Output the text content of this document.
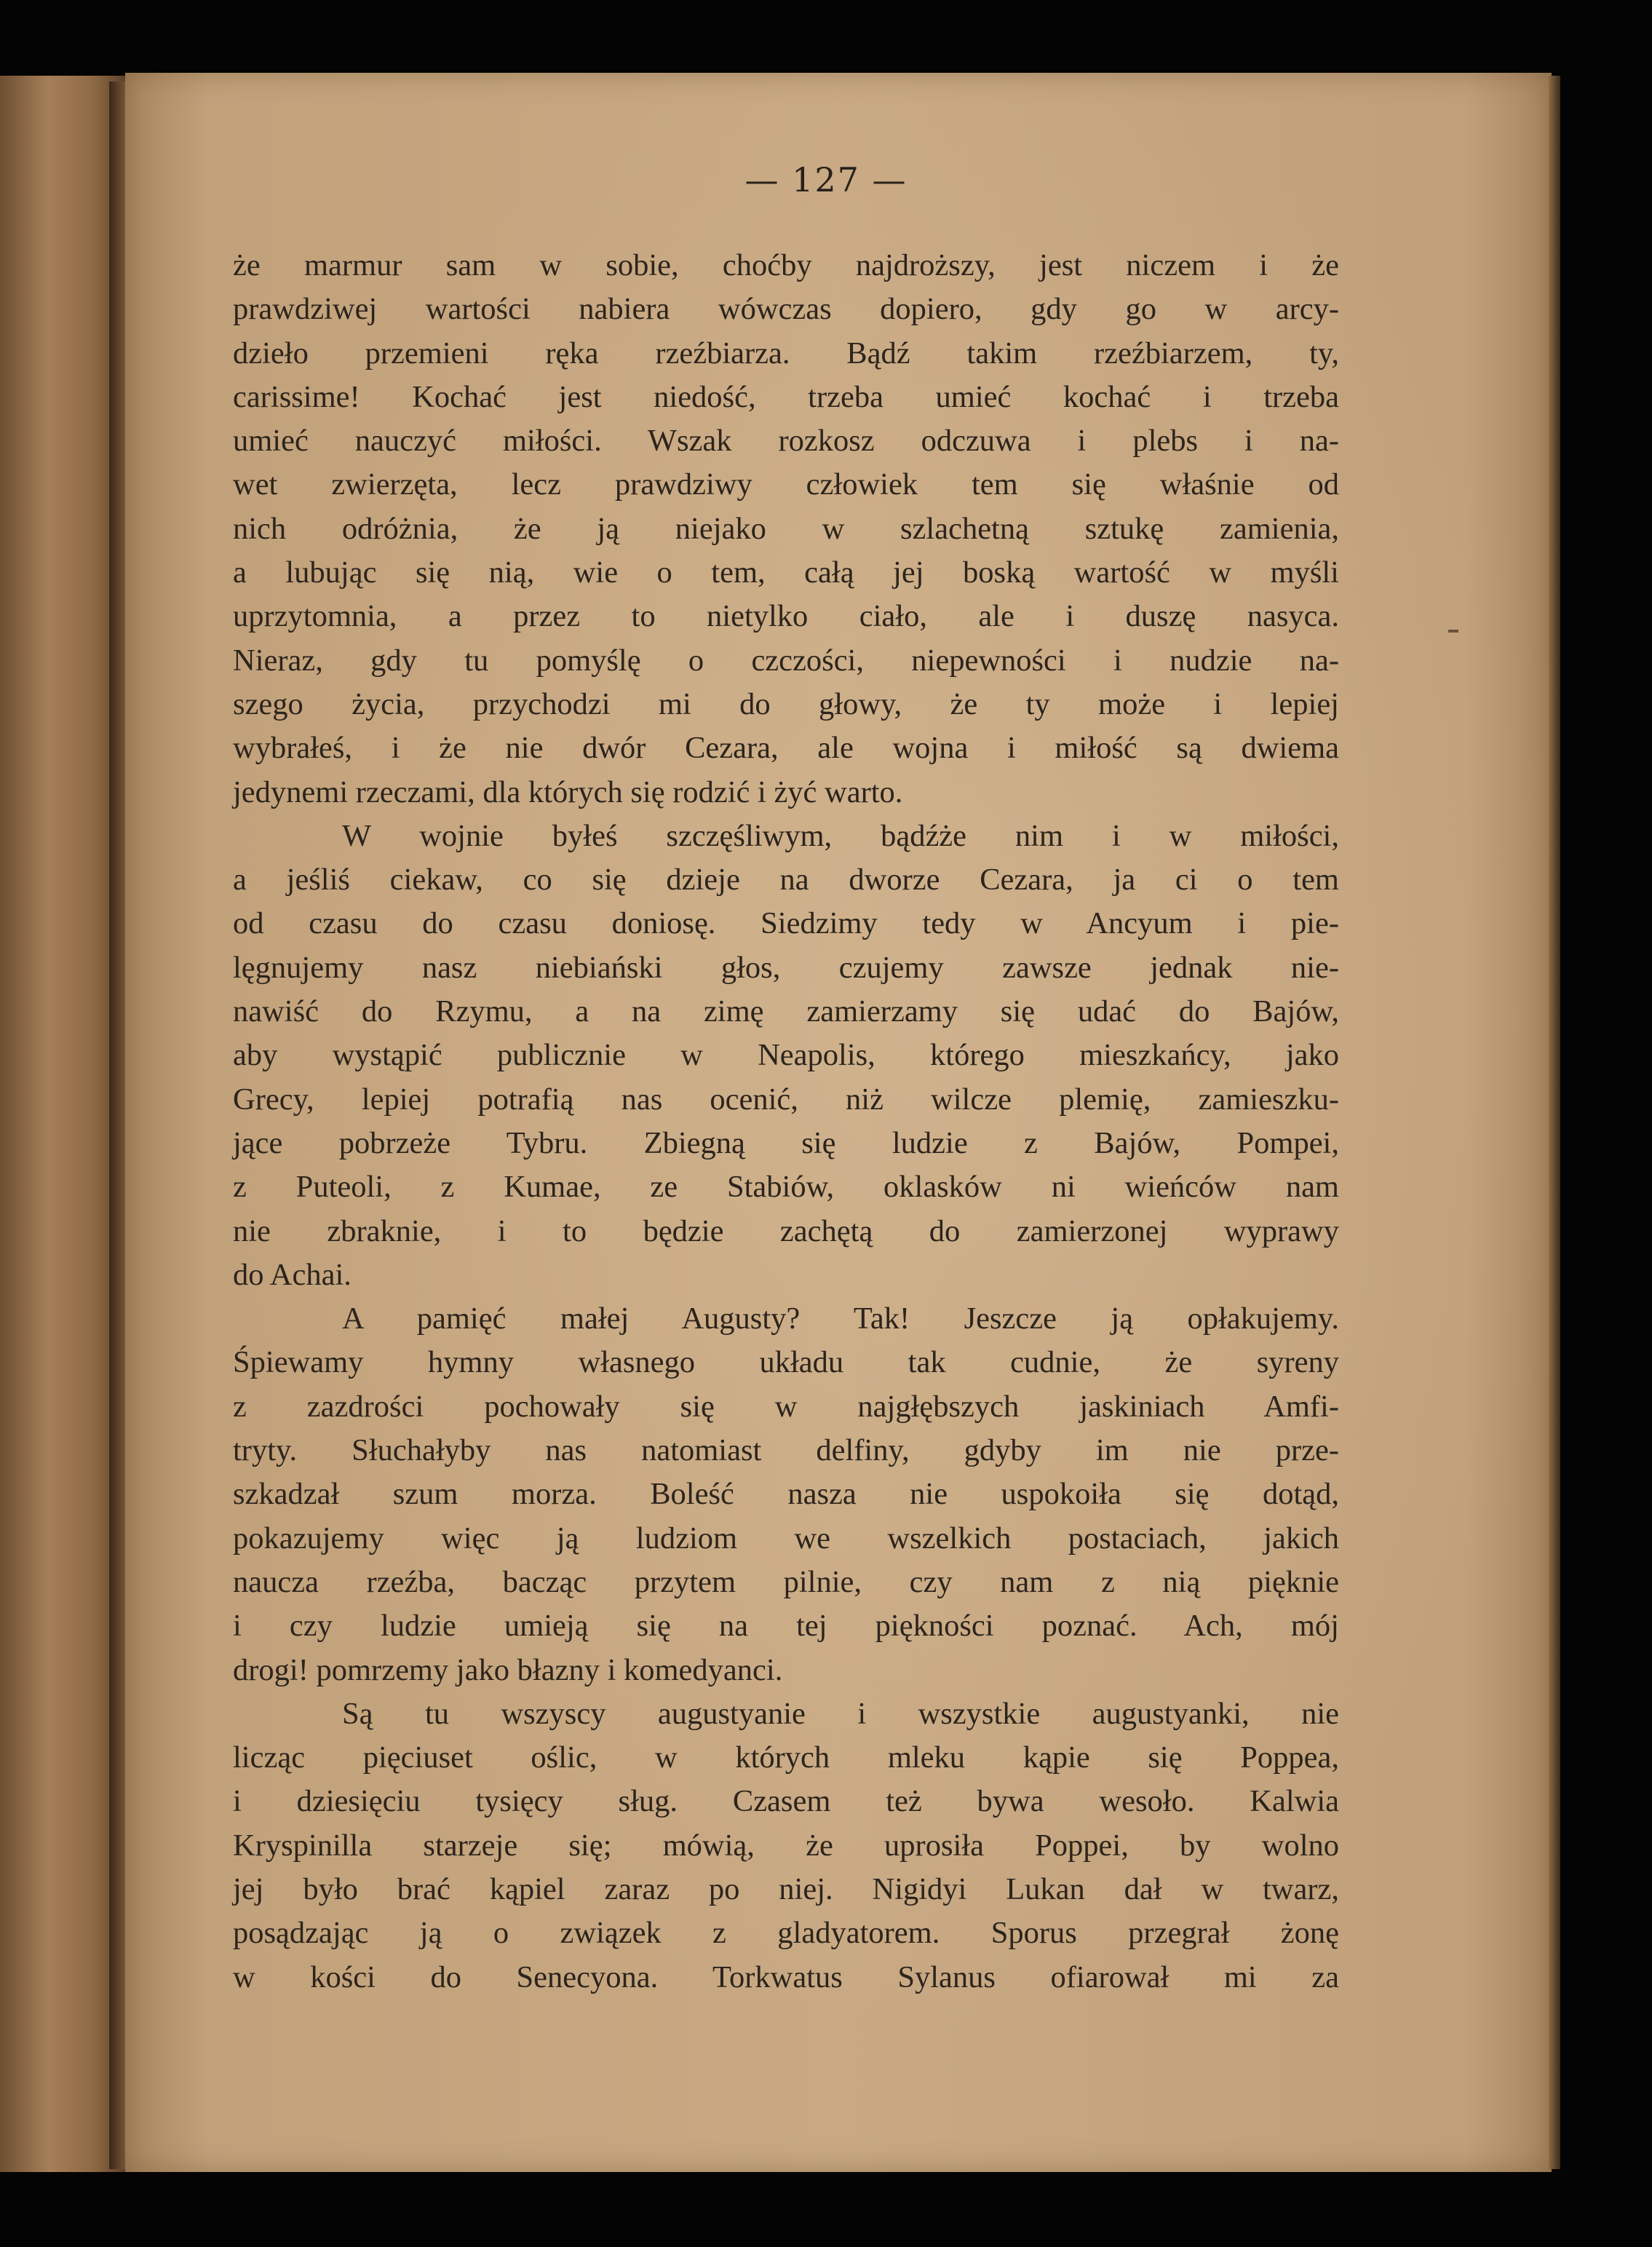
— 127 —
że marmur sam w sobie, choćby najdroższy, jest niczem i że
prawdziwej wartości nabiera wówczas dopiero, gdy go w arcy-
dzieło przemieni ręka rzeźbiarza. Bądź takim rzeźbiarzem, ty,
carissime! Kochać jest niedość, trzeba umieć kochać i trzeba
umieć nauczyć miłości. Wszak rozkosz odczuwa i plebs i na-
wet zwierzęta, lecz prawdziwy człowiek tem się właśnie od
nich odróżnia, że ją niejako w szlachetną sztukę zamienia,
a lubując się nią, wie o tem, całą jej boską wartość w myśli
uprzytomnia, a przez to nietylko ciało, ale i duszę nasyca.
Nieraz, gdy tu pomyślę o czczości, niepewności i nudzie na-
szego życia, przychodzi mi do głowy, że ty może i lepiej
wybrałeś, i że nie dwór Cezara, ale wojna i miłość są dwiema
jedynemi rzeczami, dla których się rodzić i żyć warto.
W wojnie byłeś szczęśliwym, bądźże nim i w miłości,
a jeśliś ciekaw, co się dzieje na dworze Cezara, ja ci o tem
od czasu do czasu doniosę. Siedzimy tedy w Ancyum i pie-
lęgnujemy nasz niebiański głos, czujemy zawsze jednak nie-
nawiść do Rzymu, a na zimę zamierzamy się udać do Bajów,
aby wystąpić publicznie w Neapolis, którego mieszkańcy, jako
Grecy, lepiej potrafią nas ocenić, niż wilcze plemię, zamieszku-
jące pobrzeże Tybru. Zbiegną się ludzie z Bajów, Pompei,
z Puteoli, z Kumae, ze Stabiów, oklasków ni wieńców nam
nie zbraknie, i to będzie zachętą do zamierzonej wyprawy
do Achai.
A pamięć małej Augusty? Tak! Jeszcze ją opłakujemy.
Śpiewamy hymny własnego układu tak cudnie, że syreny
z zazdrości pochowały się w najgłębszych jaskiniach Amfi-
tryty. Słuchałyby nas natomiast delfiny, gdyby im nie prze-
szkadzał szum morza. Boleść nasza nie uspokoiła się dotąd,
pokazujemy więc ją ludziom we wszelkich postaciach, jakich
naucza rzeźba, bacząc przytem pilnie, czy nam z nią pięknie
i czy ludzie umieją się na tej piękności poznać. Ach, mój
drogi! pomrzemy jako błazny i komedyanci.
Są tu wszyscy augustyanie i wszystkie augustyanki, nie
licząc pięciuset oślic, w których mleku kąpie się Poppea,
i dziesięciu tysięcy sług. Czasem też bywa wesoło. Kalwia
Kryspinilla starzeje się; mówią, że uprosiła Poppei, by wolno
jej było brać kąpiel zaraz po niej. Nigidyi Lukan dał w twarz,
posądzając ją o związek z gladyatorem. Sporus przegrał żonę
w kości do Senecyona. Torkwatus Sylanus ofiarował mi za
